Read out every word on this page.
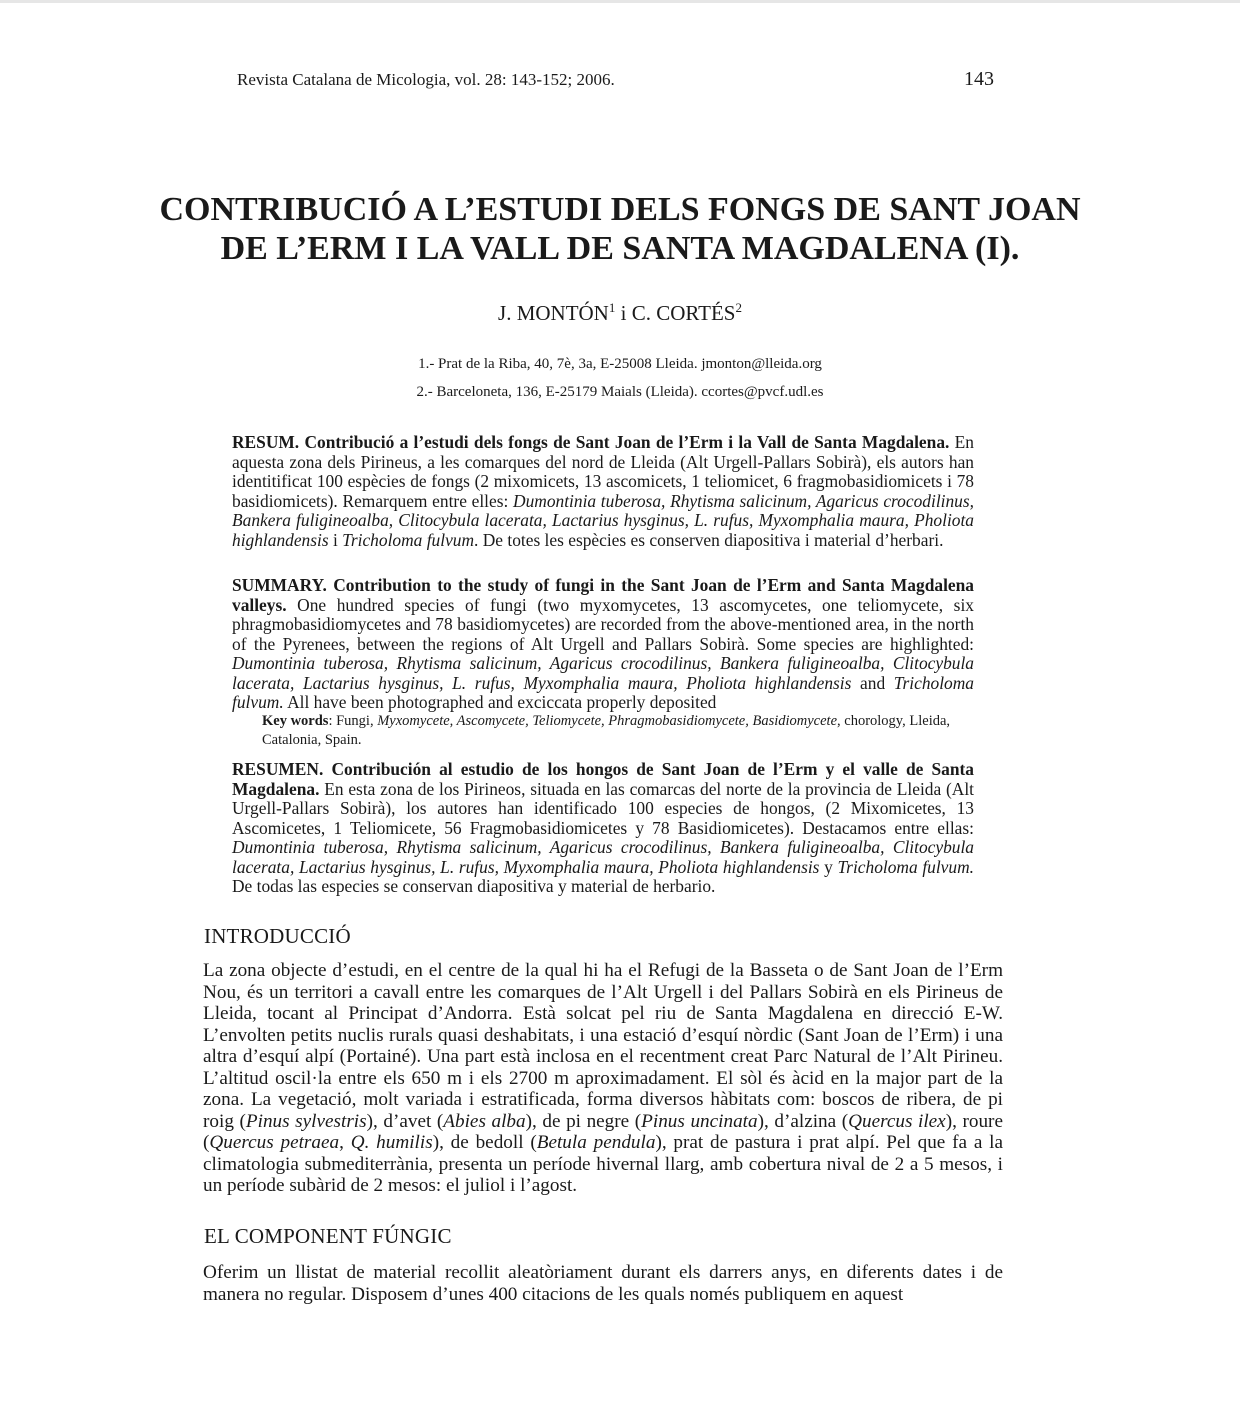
Revista Catalana de Micologia, vol. 28: 143-152; 2006.	143
CONTRIBUCIÓ A L’ESTUDI DELS FONGS DE SANT JOAN
DE L’ERM I LA VALL DE SANTA MAGDALENA (I).
J. MONTÓN$^1$ i C. CORTÉS$^2$
1.- Prat de la Riba, 40, 7è, 3a, E-25008 Lleida. jmonton@lleida.org
2.- Barceloneta, 136, E-25179 Maials (Lleida). ccortes@pvcf.udl.es

RESUM. Contribució a l’estudi dels fongs de Sant Joan de l’Erm i la Vall de Santa Magdalena. En aquesta zona dels Pirineus, a les comarques del nord de Lleida (Alt Urgell-Pallars Sobirà), els autors han identitificat 100 espècies de fongs (2 mixomicets, 13 ascomicets, 1 teliomicet, 6 fragmobasidiomicets i 78 basidiomicets). Remarquem entre elles: Dumontinia tuberosa, Rhytisma salicinum, Agaricus crocodilinus, Bankera fuligineoalba, Clitocybula lacerata, Lactarius hysginus, L. rufus, Myxomphalia maura, Pholiota highlandensis i Tricholoma fulvum. De totes les espècies es conserven diapositiva i material d’herbari.

SUMMARY. Contribution to the study of fungi in the Sant Joan de l’Erm and Santa Magdalena valleys. One hundred species of fungi (two myxomycetes, 13 ascomycetes, one teliomycete, six phragmobasidiomycetes and 78 basidiomycetes) are recorded from the above-mentioned area, in the north of the Pyrenees, between the regions of Alt Urgell and Pallars Sobirà. Some species are highlighted: Dumontinia tuberosa, Rhytisma salicinum, Agaricus crocodilinus, Bankera fuligineoalba, Clitocybula lacerata, Lactarius hysginus, L. rufus, Myxomphalia maura, Pholiota highlandensis and Tricholoma fulvum. All have been photographed and exciccata properly deposited

Key words: Fungi, Myxomycete, Ascomycete, Teliomycete, Phragmobasidiomycete, Basidiomycete, chorology, Lleida, Catalonia, Spain.

RESUMEN. Contribución al estudio de los hongos de Sant Joan de l’Erm y el valle de Santa Magdalena. En esta zona de los Pirineos, situada en las comarcas del norte de la provincia de Lleida (Alt Urgell-Pallars Sobirà), los autores han identificado 100 especies de hongos, (2 Mixomicetes, 13 Ascomicetes, 1 Teliomicete, 56 Fragmobasidiomicetes y 78 Basidiomicetes). Destacamos entre ellas: Dumontinia tuberosa, Rhytisma salicinum, Agaricus crocodilinus, Bankera fuligineoalba, Clitocybula lacerata, Lactarius hysginus, L. rufus, Myxomphalia maura, Pholiota highlandensis y Tricholoma fulvum. De todas las especies se conservan diapositiva y material de herbario.

INTRODUCCIÓ

La zona objecte d’estudi, en el centre de la qual hi ha el Refugi de la Basseta o de Sant Joan de l’Erm Nou, és un territori a cavall entre les comarques de l’Alt Urgell i del Pallars Sobirà en els Pirineus de Lleida, tocant al Principat d’Andorra. Està solcat pel riu de Santa Magdalena en direcció E-W. L’envolten petits nuclis rurals quasi deshabitats, i una estació d’esquí nòrdic (Sant Joan de l’Erm) i una altra d’esquí alpí (Portainé). Una part està inclosa en el recentment creat Parc Natural de l’Alt Pirineu. L’altitud oscil·la entre els 650 m i els 2700 m aproximadament. El sòl és àcid en la major part de la zona. La vegetació, molt variada i estratificada, forma diversos hàbitats com: boscos de ribera, de pi roig (Pinus sylvestris), d’avet (Abies alba), de pi negre (Pinus uncinata), d’alzina (Quercus ilex), roure (Quercus petraea, Q. humilis), de bedoll (Betula pendula), prat de pastura i prat alpí. Pel que fa a la climatologia submediterrània, presenta un període hivernal llarg, amb cobertura nival de 2 a 5 mesos, i un període subàrid de 2 mesos: el juliol i l’agost.

EL COMPONENT FÚNGIC

Oferim un llistat de material recollit aleatòriament durant els darrers anys, en diferents dates i de manera no regular. Disposem d’unes 400 citacions de les quals només publiquem en aquest
